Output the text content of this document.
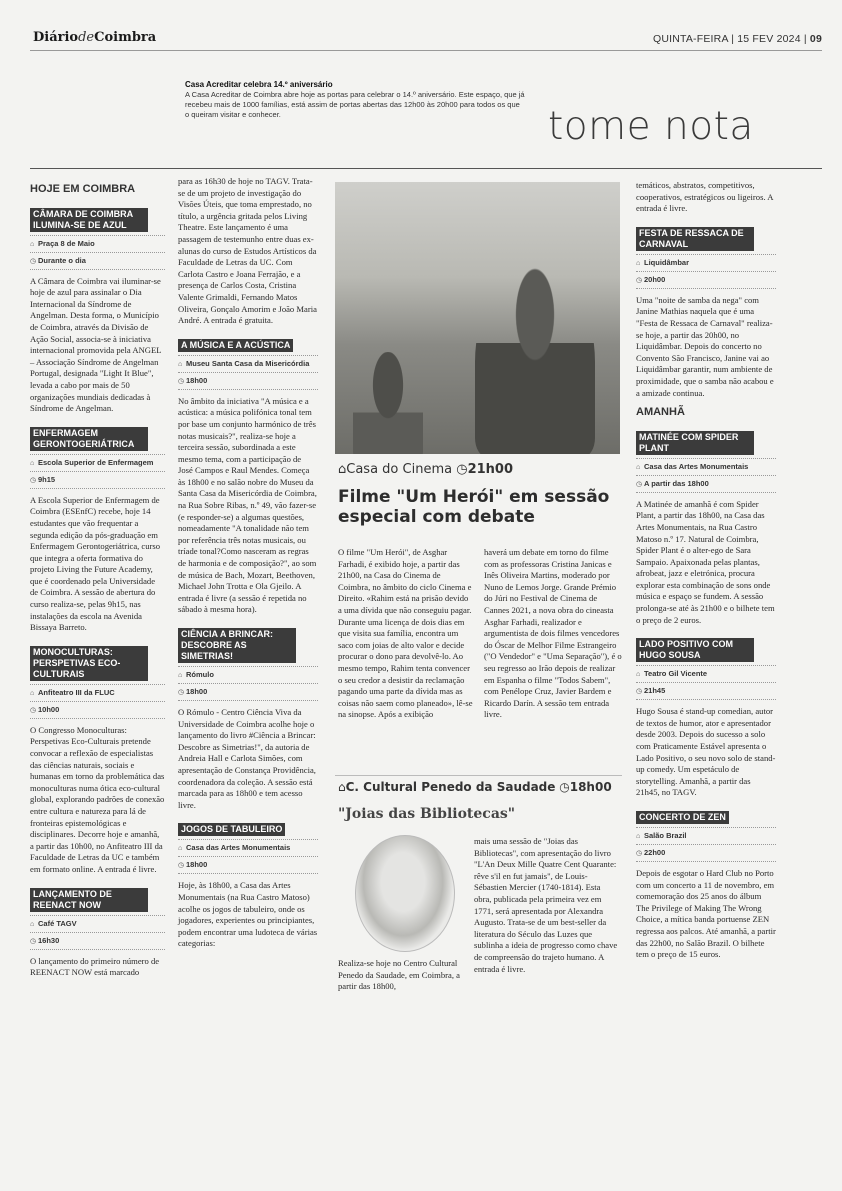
DiáriodeCoimbra	QUINTA-FEIRA | 15 FEV 2024 | 09
Casa Acreditar celebra 14.º aniversário
A Casa Acreditar de Coimbra abre hoje as portas para celebrar o 14.º aniversário. Este espaço, que já recebeu mais de 1000 famílias, está assim de portas abertas das 12h00 às 20h00 para todos os que o queiram visitar e conhecer.	tome nota
HOJE EM COIMBRA
CÂMARA DE COIMBRA ILUMINA-SE DE AZUL
⌂ Praça 8 de Maio
◷ Durante o dia

A Câmara de Coimbra vai iluminar-se hoje de azul para assinalar o Dia Internacional da Síndrome de Angelman. Desta forma, o Município de Coimbra, através da Divisão de Ação Social, associa-se à iniciativa internacional promovida pela ANGEL – Associação Síndrome de Angelman Portugal, designada "Light It Blue", levada a cabo por mais de 50 organizações mundiais dedicadas à Síndrome de Angelman.

ENFERMAGEM GERONTOGERIÁTRICA
⌂ Escola Superior de Enfermagem
◷ 9h15

A Escola Superior de Enfermagem de Coimbra (ESEnfC) recebe, hoje 14 estudantes que vão frequentar a segunda edição da pós-graduação em Enfermagem Gerontogeriátrica, curso que integra a oferta formativa do projeto Living the Future Academy, que é coordenado pela Universidade de Coimbra. A sessão de abertura do curso realiza-se, pelas 9h15, nas instalações da escola na Avenida Bissaya Barreto.

MONOCULTURAS: PERSPETIVAS ECO-CULTURAIS
⌂ Anfiteatro III da FLUC
◷ 10h00

O Congresso Monoculturas: Perspetivas Eco-Culturais pretende convocar a reflexão de especialistas das ciências naturais, sociais e humanas em torno da problemática das monoculturas numa ótica eco-cultural global, explorando padrões de conexão entre cultura e natureza para lá de fronteiras epistemológicas e disciplinares. Decorre hoje e amanhã, a partir das 10h00, no Anfiteatro III da Faculdade de Letras da UC e também em formato online. A entrada é livre.

LANÇAMENTO DE REENACT NOW
⌂ Café TAGV
◷ 16h30

O lançamento do primeiro número de REENACT NOW está marcado

para as 16h30 de hoje no TAGV. Trata-se de um projeto de investigação do Visões Úteis, que toma emprestado, no título, a urgência gritada pelos Living Theatre. Este lançamento é uma passagem de testemunho entre duas ex-alunas do curso de Estudos Artísticos da Faculdade de Letras da UC. Com Carlota Castro e Joana Ferrajão, e a presença de Carlos Costa, Cristina Valente Grimaldi, Fernando Matos Oliveira, Gonçalo Amorim e João Maria André. A entrada é gratuita.

A MÚSICA E A ACÚSTICA
⌂ Museu Santa Casa da Misericórdia
◷ 18h00

No âmbito da iniciativa "A música e a acústica: a música polifónica tonal tem por base um conjunto harmónico de três notas musicais?", realiza-se hoje a terceira sessão, subordinada a este mesmo tema, com a participação de José Campos e Raul Mendes. Começa às 18h00 e no salão nobre do Museu da Santa Casa da Misericórdia de Coimbra, na Rua Sobre Ribas, n.º 49, vão fazer-se (e responder-se) a algumas questões, nomeadamente "A tonalidade não tem por referência três notas musicais, ou tríade tonal?Como nasceram as regras de harmonia e de composição?", ao som de música de Bach, Mozart, Beethoven, Michael John Trotta e Ola Gjeilo. A entrada é livre (a sessão é repetida no sábado à mesma hora).

CIÊNCIA A BRINCAR: DESCOBRE AS SIMETRIAS!
⌂ Rómulo
◷ 18h00

O Rómulo - Centro Ciência Viva da Universidade de Coimbra acolhe hoje o lançamento do livro #Ciência a Brincar: Descobre as Simetrias!", da autoria de Andreia Hall e Carlota Simões, com apresentação de Constança Providência, coordenadora da coleção. A sessão está marcada para as 18h00 e tem acesso livre.

JOGOS DE TABULEIRO
⌂ Casa das Artes Monumentais
◷ 18h00

Hoje, às 18h00, a Casa das Artes Monumentais (na Rua Castro Matoso) acolhe os jogos de tabuleiro, onde os jogadores, experientes ou principiantes, podem encontrar uma ludoteca de várias categorias:

⌂Casa do Cinema ◷21h00
Filme "Um Herói" em sessão especial com debate

O filme "Um Herói", de Asghar Farhadi, é exibido hoje, a partir das 21h00, na Casa do Cinema de Coimbra, no âmbito do ciclo Cinema e Direito. «Rahim está na prisão devido a uma dívida que não conseguiu pagar. Durante uma licença de dois dias em que visita sua família, encontra um saco com joias de alto valor e decide procurar o dono para devolvê-lo. Ao mesmo tempo, Rahim tenta convencer o seu credor a desistir da reclamação pagando uma parte da dívida mas as coisas não saem como planeado», lê-se na sinopse. Após a exibição

haverá um debate em torno do filme com as professoras Cristina Janicas e Inês Oliveira Martins, moderado por Nuno de Lemos Jorge. Grande Prémio do Júri no Festival de Cinema de Cannes 2021, a nova obra do cineasta Asghar Farhadi, realizador e argumentista de dois filmes vencedores do Óscar de Melhor Filme Estrangeiro ("O Vendedor" e "Uma Separação"), é o seu regresso ao Irão depois de realizar em Espanha o filme "Todos Sabem", com Penélope Cruz, Javier Bardem e Ricardo Darín. A sessão tem entrada livre.

⌂C. Cultural Penedo da Saudade ◷18h00
"Joias das Bibliotecas"

Realiza-se hoje no Centro Cultural Penedo da Saudade, em Coimbra, a partir das 18h00,

mais uma sessão de "Joias das Bibliotecas", com apresentação do livro "L'An Deux Mille Quatre Cent Quarante: rêve s'il en fut jamais", de Louis-Sébastien Mercier (1740-1814). Esta obra, publicada pela primeira vez em 1771, será apresentada por Alexandra Augusto. Trata-se de um best-seller da literatura do Século das Luzes que sublinha a ideia de progresso como chave de compreensão do trajeto humano. A entrada é livre.

temáticos, abstratos, competitivos, cooperativos, estratégicos ou ligeiros. A entrada é livre.

FESTA DE RESSACA DE CARNAVAL
⌂ Liquidâmbar
◷ 20h00

Uma "noite de samba da nega" com Janine Mathias naquela que é uma "Festa de Ressaca de Carnaval" realiza-se hoje, a partir das 20h00, no Liquidâmbar. Depois do concerto no Convento São Francisco, Janine vai ao Liquidâmbar garantir, num ambiente de proximidade, que o samba não acabou e a amizade continua.

AMANHÃ
MATINÉE COM SPIDER PLANT
⌂ Casa das Artes Monumentais
◷ A partir das 18h00

A Matinée de amanhã é com Spider Plant, a partir das 18h00, na Casa das Artes Monumentais, na Rua Castro Matoso n.º 17. Natural de Coimbra, Spider Plant é o alter-ego de Sara Sampaio. Apaixonada pelas plantas, afrobeat, jazz e eletrónica, procura explorar esta combinação de sons onde música e espaço se fundem. A sessão prolonga-se até às 21h00 e o bilhete tem o preço de 2 euros.

LADO POSITIVO COM HUGO SOUSA
⌂ Teatro Gil Vicente
◷ 21h45

Hugo Sousa é stand-up comedian, autor de textos de humor, ator e apresentador desde 2003. Depois do sucesso a solo com Praticamente Estável apresenta o Lado Positivo, o seu novo solo de stand-up comedy. Um espetáculo de storytelling. Amanhã, a partir das 21h45, no TAGV.

CONCERTO DE ZEN
⌂ Salão Brazil
◷ 22h00

Depois de esgotar o Hard Club no Porto com um concerto a 11 de novembro, em comemoração dos 25 anos do álbum The Privilege of Making The Wrong Choice, a mítica banda portuense ZEN regressa aos palcos. Até amanhã, a partir das 22h00, no Salão Brazil. O bilhete tem o preço de 15 euros.
